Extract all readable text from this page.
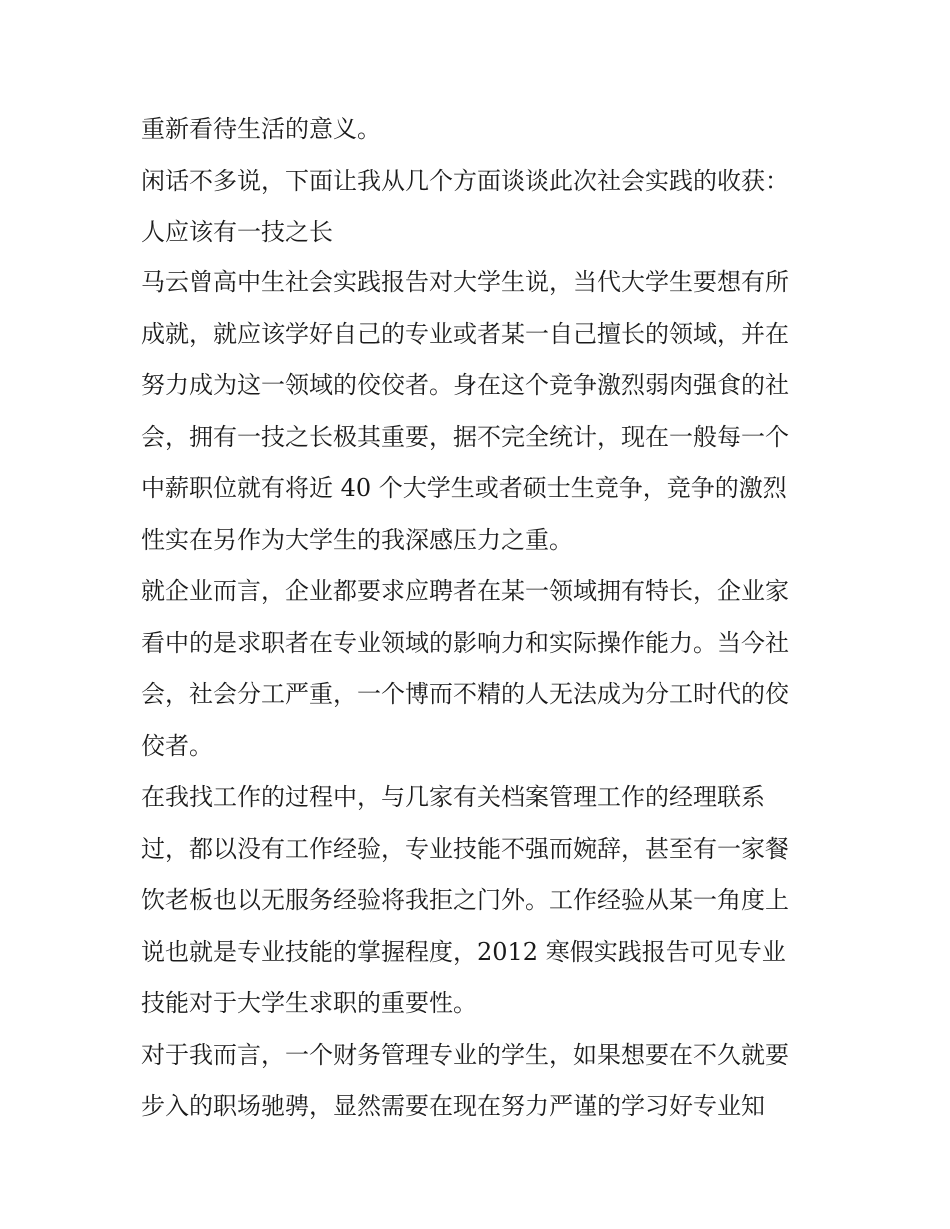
重新看待生活的意义。
闲话不多说，下面让我从几个方面谈谈此次社会实践的收获：
人应该有一技之长
马云曾高中生社会实践报告对大学生说，当代大学生要想有所
成就，就应该学好自己的专业或者某一自己擅长的领域，并在
努力成为这一领域的佼佼者。身在这个竞争激烈弱肉强食的社
会，拥有一技之长极其重要，据不完全统计，现在一般每一个
中薪职位就有将近 40 个大学生或者硕士生竞争，竞争的激烈
性实在另作为大学生的我深感压力之重。
就企业而言，企业都要求应聘者在某一领域拥有特长，企业家
看中的是求职者在专业领域的影响力和实际操作能力。当今社
会，社会分工严重，一个博而不精的人无法成为分工时代的佼
佼者。
在我找工作的过程中，与几家有关档案管理工作的经理联系
过，都以没有工作经验，专业技能不强而婉辞，甚至有一家餐
饮老板也以无服务经验将我拒之门外。工作经验从某一角度上
说也就是专业技能的掌握程度，2012 寒假实践报告可见专业
技能对于大学生求职的重要性。
对于我而言，一个财务管理专业的学生，如果想要在不久就要
步入的职场驰骋，显然需要在现在努力严谨的学习好专业知
